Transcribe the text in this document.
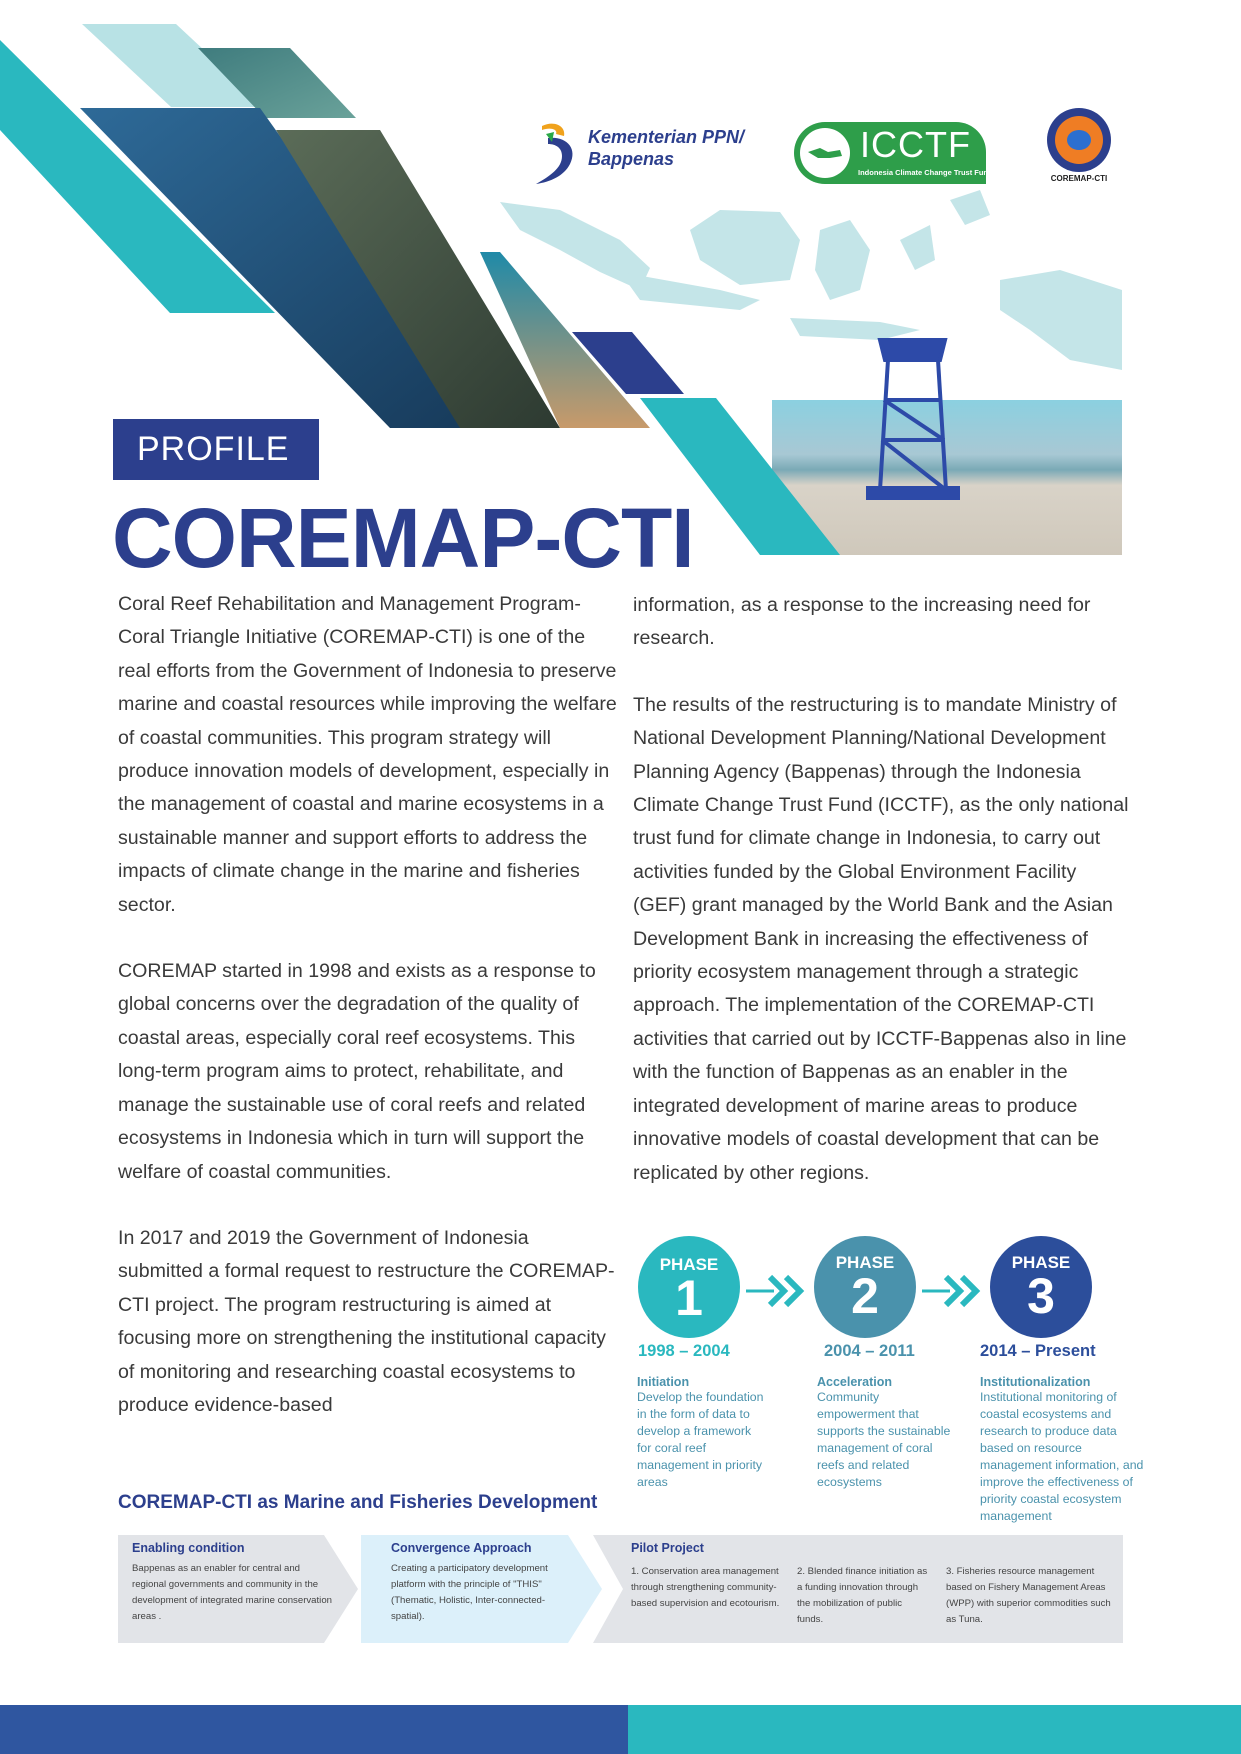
Kementerian PPN/
Bappenas	ICCTF
Indonesia Climate Change Trust Fund
COREMAP-CTI
PROFILE
COREMAP-CTI

Coral Reef Rehabilitation and Management Program-Coral Triangle Initiative (COREMAP-CTI) is one of the real efforts from the Government of Indonesia to preserve marine and coastal resources while improving the welfare of coastal communities. This program strategy will produce innovation models of development, especially in the management of coastal and marine ecosystems in a sustainable manner and support efforts to address the impacts of climate change in the marine and fisheries sector.

COREMAP started in 1998 and exists as a response to global concerns over the degradation of the quality of coastal areas, especially coral reef ecosystems. This long-term program aims to protect, rehabilitate, and manage the sustainable use of coral reefs and related ecosystems in Indonesia which in turn will support the welfare of coastal communities.

In 2017 and 2019 the Government of Indonesia submitted a formal request to restructure the COREMAP-CTI project. The program restructuring is aimed at focusing more on strengthening the institutional capacity of monitoring and researching coastal ecosystems to produce evidence-based

information, as a response to the increasing need for research.

The results of the restructuring is to mandate Ministry of National Development Planning/National Development Planning Agency (Bappenas) through the Indonesia Climate Change Trust Fund (ICCTF), as the only national trust fund for climate change in Indonesia, to carry out activities funded by the Global Environment Facility (GEF) grant managed by the World Bank and the Asian Development Bank in increasing the effectiveness of priority ecosystem management through a strategic approach. The implementation of the COREMAP-CTI activities that carried out by ICCTF-Bappenas also in line with the function of Bappenas as an enabler in the integrated development of marine areas to produce innovative models of coastal development that can be replicated by other regions.

PHASE
1
PHASE
2
PHASE
3
1998 – 2004	2004 – 2011	2014 – Present
Initiation
Develop the foundation in the form of data to develop a framework for coral reef management in priority areas
Acceleration
Community empowerment that supports the sustainable management of coral reefs and related ecosystems
Institutionalization
Institutional monitoring of coastal ecosystems and research to produce data based on resource management information, and improve the effectiveness of priority coastal ecosystem management
COREMAP-CTI as Marine and Fisheries Development
Enabling condition
Bappenas as an enabler for central and regional governments and community in the development of integrated marine conservation areas .
Convergence Approach
Creating a participatory development platform with the principle of "THIS" (Thematic, Holistic, Inter-connected-spatial).
Pilot Project
1. Conservation area management through strengthening community-based supervision and ecotourism.
2. Blended finance initiation as a funding innovation through the mobilization of public funds.
3. Fisheries resource management based on Fishery Management Areas (WPP) with superior commodities such as Tuna.
